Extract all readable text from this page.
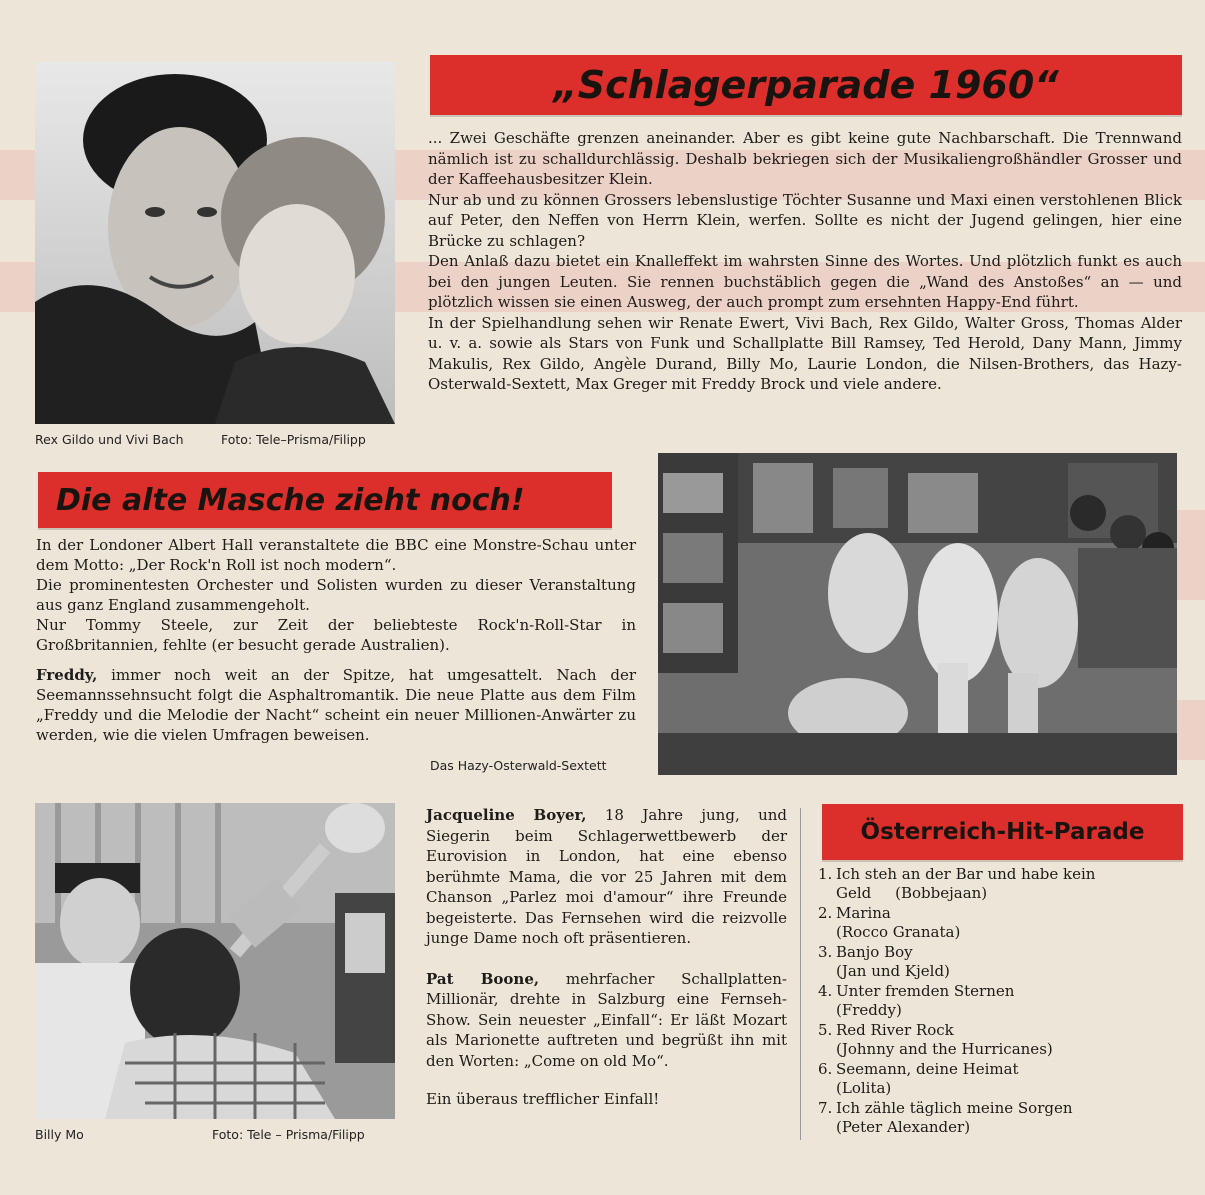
Rex Gildo und Vivi Bach	Foto: Tele–Prisma/Filipp
„Schlagerparade 1960“

... Zwei Geschäfte grenzen aneinander. Aber es gibt keine gute Nachbarschaft. Die Trennwand nämlich ist zu schalldurchlässig. Deshalb bekriegen sich der Musikaliengroßhändler Grosser und der Kaffeehausbesitzer Klein.

Nur ab und zu können Grossers lebenslustige Töchter Susanne und Maxi einen verstohlenen Blick auf Peter, den Neffen von Herrn Klein, werfen. Sollte es nicht der Jugend gelingen, hier eine Brücke zu schlagen?

Den Anlaß dazu bietet ein Knalleffekt im wahrsten Sinne des Wortes. Und plötzlich funkt es auch bei den jungen Leuten. Sie rennen buchstäblich gegen die „Wand des Anstoßes“ an — und plötzlich wissen sie einen Ausweg, der auch prompt zum ersehnten Happy-End führt.

In der Spielhandlung sehen wir Renate Ewert, Vivi Bach, Rex Gildo, Walter Gross, Thomas Alder u. v. a. sowie als Stars von Funk und Schallplatte Bill Ramsey, Ted Herold, Dany Mann, Jimmy Makulis, Rex Gildo, Angèle Durand, Billy Mo, Laurie London, die Nilsen-Brothers, das Hazy-Osterwald-Sextett, Max Greger mit Freddy Brock und viele andere.

Die alte Masche zieht noch!

In der Londoner Albert Hall veranstaltete die BBC eine Monstre-Schau unter dem Motto: „Der Rock'n Roll ist noch modern“.

Die prominentesten Orchester und Solisten wurden zu dieser Veranstaltung aus ganz England zusammengeholt.

Nur Tommy Steele, zur Zeit der beliebteste Rock'n-Roll-Star in Großbritannien, fehlte (er besucht gerade Australien).

Freddy, immer noch weit an der Spitze, hat umgesattelt. Nach der Seemannssehnsucht folgt die Asphaltromantik. Die neue Platte aus dem Film „Freddy und die Melodie der Nacht“ scheint ein neuer Millionen-Anwärter zu werden, wie die vielen Umfragen beweisen.

Das Hazy-Osterwald-Sextett
Billy Mo	Foto: Tele – Prisma/Filipp

Jacqueline Boyer, 18 Jahre jung, und Siegerin beim Schlagerwettbewerb der Eurovision in London, hat eine ebenso berühmte Mama, die vor 25 Jahren mit dem Chanson „Parlez moi d'amour“ ihre Freunde begeisterte. Das Fernsehen wird die reizvolle junge Dame noch oft präsentieren.

Pat Boone, mehrfacher Schallplatten-Millionär, drehte in Salzburg eine Fernseh-Show. Sein neuester „Einfall“: Er läßt Mozart als Marionette auftreten und begrüßt ihn mit den Worten: „Come on old Mo“.

Ein überaus trefflicher Einfall!

Österreich-Hit-Parade
1. Ich steh an der Bar und habe kein Geld (Bobbejaan)
2. Marina
(Rocco Granata)
3. Banjo Boy
(Jan und Kjeld)
4. Unter fremden Sternen
(Freddy)
5. Red River Rock
(Johnny and the Hurricanes)
6. Seemann, deine Heimat
(Lolita)
7. Ich zähle täglich meine Sorgen
(Peter Alexander)
